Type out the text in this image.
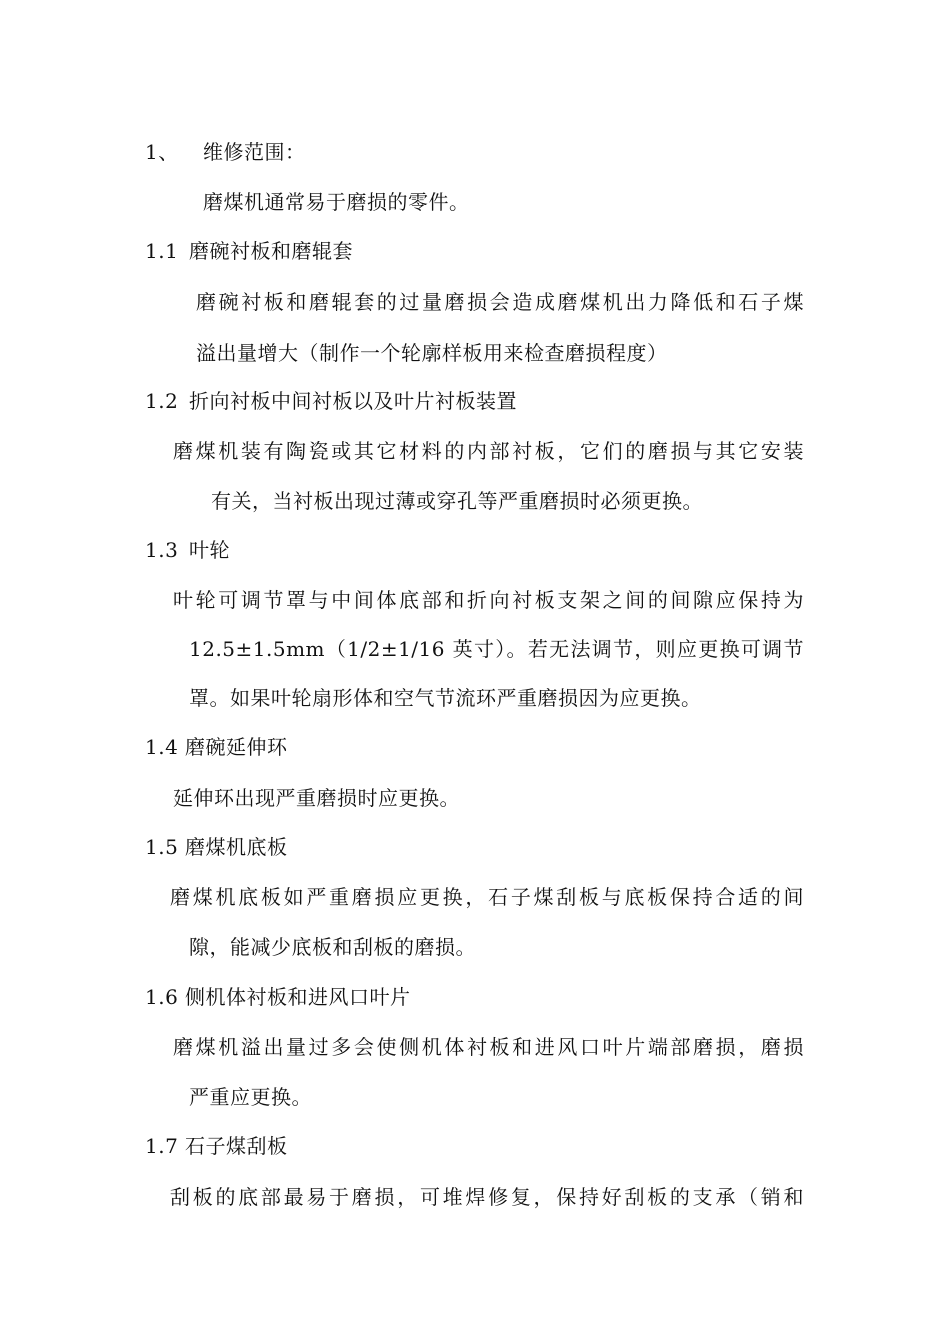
1、 维修范围：
磨煤机通常易于磨损的零件。
1.1 磨碗衬板和磨辊套
磨碗衬板和磨辊套的过量磨损会造成磨煤机出力降低和石子煤
溢出量增大（制作一个轮廓样板用来检查磨损程度）
1.2 折向衬板中间衬板以及叶片衬板装置
磨煤机装有陶瓷或其它材料的内部衬板，它们的磨损与其它安装
有关，当衬板出现过薄或穿孔等严重磨损时必须更换。
1.3 叶轮
叶轮可调节罩与中间体底部和折向衬板支架之间的间隙应保持为
12.5±1.5mm（1/2±1/16 英寸）。若无法调节，则应更换可调节
罩。如果叶轮扇形体和空气节流环严重磨损因为应更换。
1.4 磨碗延伸环
延伸环出现严重磨损时应更换。
1.5 磨煤机底板
磨煤机底板如严重磨损应更换，石子煤刮板与底板保持合适的间
隙，能减少底板和刮板的磨损。
1.6 侧机体衬板和进风口叶片
磨煤机溢出量过多会使侧机体衬板和进风口叶片端部磨损，磨损
严重应更换。
1.7 石子煤刮板
刮板的底部最易于磨损，可堆焊修复，保持好刮板的支承（销和
